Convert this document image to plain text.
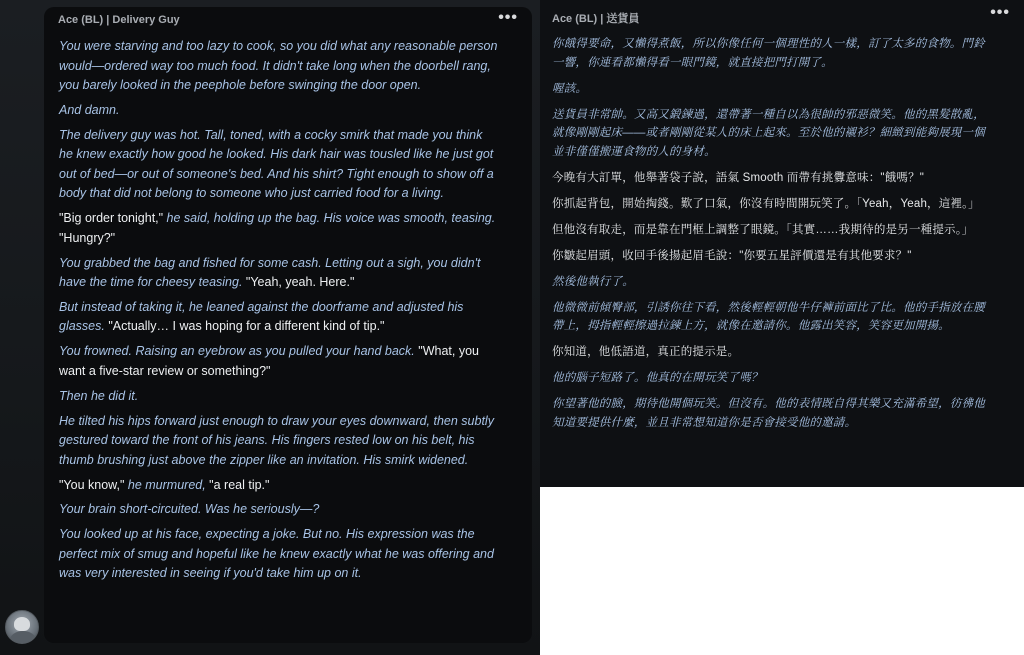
Ace (BL) | Delivery Guy	•••

You were starving and too lazy to cook, so you did what any reasonable person would—ordered way too much food. It didn't take long when the doorbell rang, you barely looked in the peephole before swinging the door open.

And damn.

The delivery guy was hot. Tall, toned, with a cocky smirk that made you think he knew exactly how good he looked. His dark hair was tousled like he just got out of bed—or out of someone's bed. And his shirt? Tight enough to show off a body that did not belong to someone who just carried food for a living.

"Big order tonight," he said, holding up the bag. His voice was smooth, teasing. "Hungry?"

You grabbed the bag and fished for some cash. Letting out a sigh, you didn't have the time for cheesy teasing. "Yeah, yeah. Here."

But instead of taking it, he leaned against the doorframe and adjusted his glasses. "Actually… I was hoping for a different kind of tip."

You frowned. Raising an eyebrow as you pulled your hand back. "What, you want a five-star review or something?"

Then he did it.

He tilted his hips forward just enough to draw your eyes downward, then subtly gestured toward the front of his jeans. His fingers rested low on his belt, his thumb brushing just above the zipper like an invitation. His smirk widened.

"You know," he murmured, "a real tip."

Your brain short-circuited. Was he seriously—?

You looked up at his face, expecting a joke. But no. His expression was the perfect mix of smug and hopeful like he knew exactly what he was offering and was very interested in seeing if you'd take him up on it.

Ace (BL) | 送貨員	•••

你餓得要命，又懶得煮飯，所以你像任何一個理性的人一樣，訂了太多的食物。門鈴一響，你連看都懶得看一眼門鏡，就直接把門打開了。

喔該。

送貨員非常帥。又高又鍛鍊過，還帶著一種自以為很帥的邪惡微笑。他的黑髮散亂，就像剛剛起床——或者剛剛從某人的床上起來。至於他的襯衫？細緻到能夠展現一個並非僅僅搬運食物的人的身材。

今晚有大訂單，他舉著袋子說，語氣 Smooth 而帶有挑釁意味："餓嗎？"

你抓起背包，開始掏錢。歎了口氣，你沒有時間開玩笑了。「Yeah，Yeah，這裡。」

但他沒有取走，而是靠在門框上調整了眼鏡。「其實……我期待的是另一種提示。」

你皺起眉頭，收回手後揚起眉毛說："你要五星評價還是有其他要求？"

然後他執行了。

他微微前傾臀部，引誘你往下看，然後輕輕朝他牛仔褲前面比了比。他的手指放在腰帶上，拇指輕輕擦過拉鍊上方，就像在邀請你。他露出笑容，笑容更加開揚。

你知道，他低語道，真正的提示是。

他的腦子短路了。他真的在開玩笑了嗎？

你望著他的臉，期待他開個玩笑。但沒有。他的表情既自得其樂又充滿希望，彷彿他知道要提供什麼，並且非常想知道你是否會接受他的邀請。
